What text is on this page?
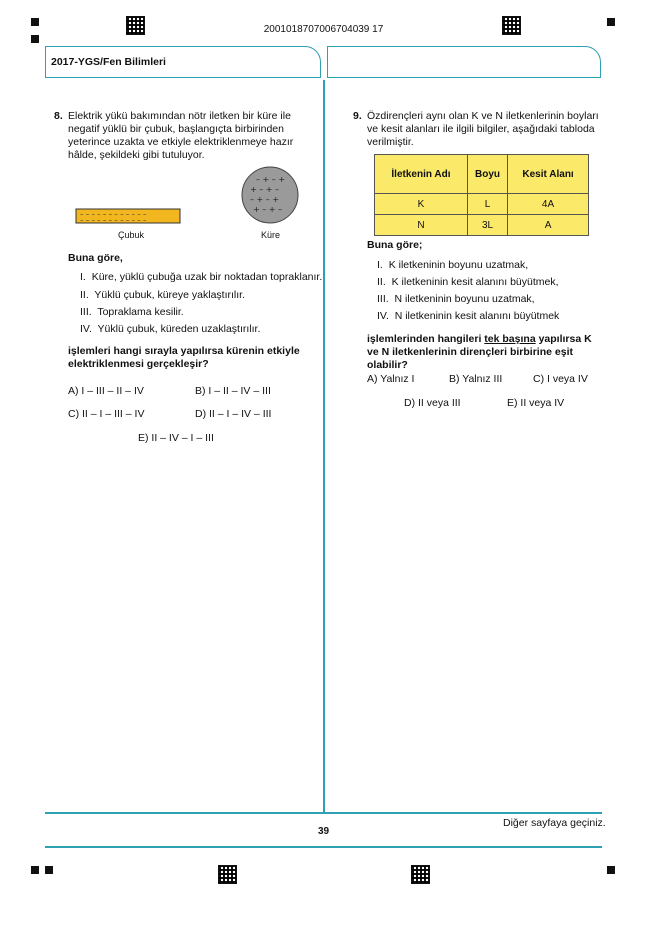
2001018707006704039 17
2017-YGS/Fen Bilimleri
8. Elektrik yükü bakımından nötr iletken bir küre ile negatif yüklü bir çubuk, başlangıçta birbirinden yeterince uzakta ve etkiyle elektriklenmeye hazır hâlde, şekildeki gibi tutuluyor.
– – – – – – – – – – – –
– – – – – – – – – – – –
– + – +
+ – + –
– + – +
+ – + –
Çubuk	Küre
Buna göre,
I. Küre, yüklü çubuğa uzak bir noktadan topraklanır.
II. Yüklü çubuk, küreye yaklaştırılır.
III. Topraklama kesilir.
IV. Yüklü çubuk, küreden uzaklaştırılır.
işlemleri hangi sırayla yapılırsa kürenin etkiyle elektriklenmesi gerçekleşir?
A) I – III – II – IV	B) I – II – IV – III
C) II – I – III – IV	D) II – I – IV – III
E) II – IV – I – III
9. Özdirençleri aynı olan K ve N iletkenlerinin boyları ve kesit alanları ile ilgili bilgiler, aşağıdaki tabloda verilmiştir.
İletkenin Adı	Boyu	Kesit Alanı
K	L	4A
N	3L	A
Buna göre;
I. K iletkeninin boyunu uzatmak,
II. K iletkeninin kesit alanını büyütmek,
III. N iletkeninin boyunu uzatmak,
IV. N iletkeninin kesit alanını büyütmek
işlemlerinden hangileri tek başına yapılırsa K ve N iletkenlerinin dirençleri birbirine eşit olabilir?
A) Yalnız I	B) Yalnız III	C) I veya IV
D) II veya III	E) II veya IV
39
Diğer sayfaya geçiniz.
